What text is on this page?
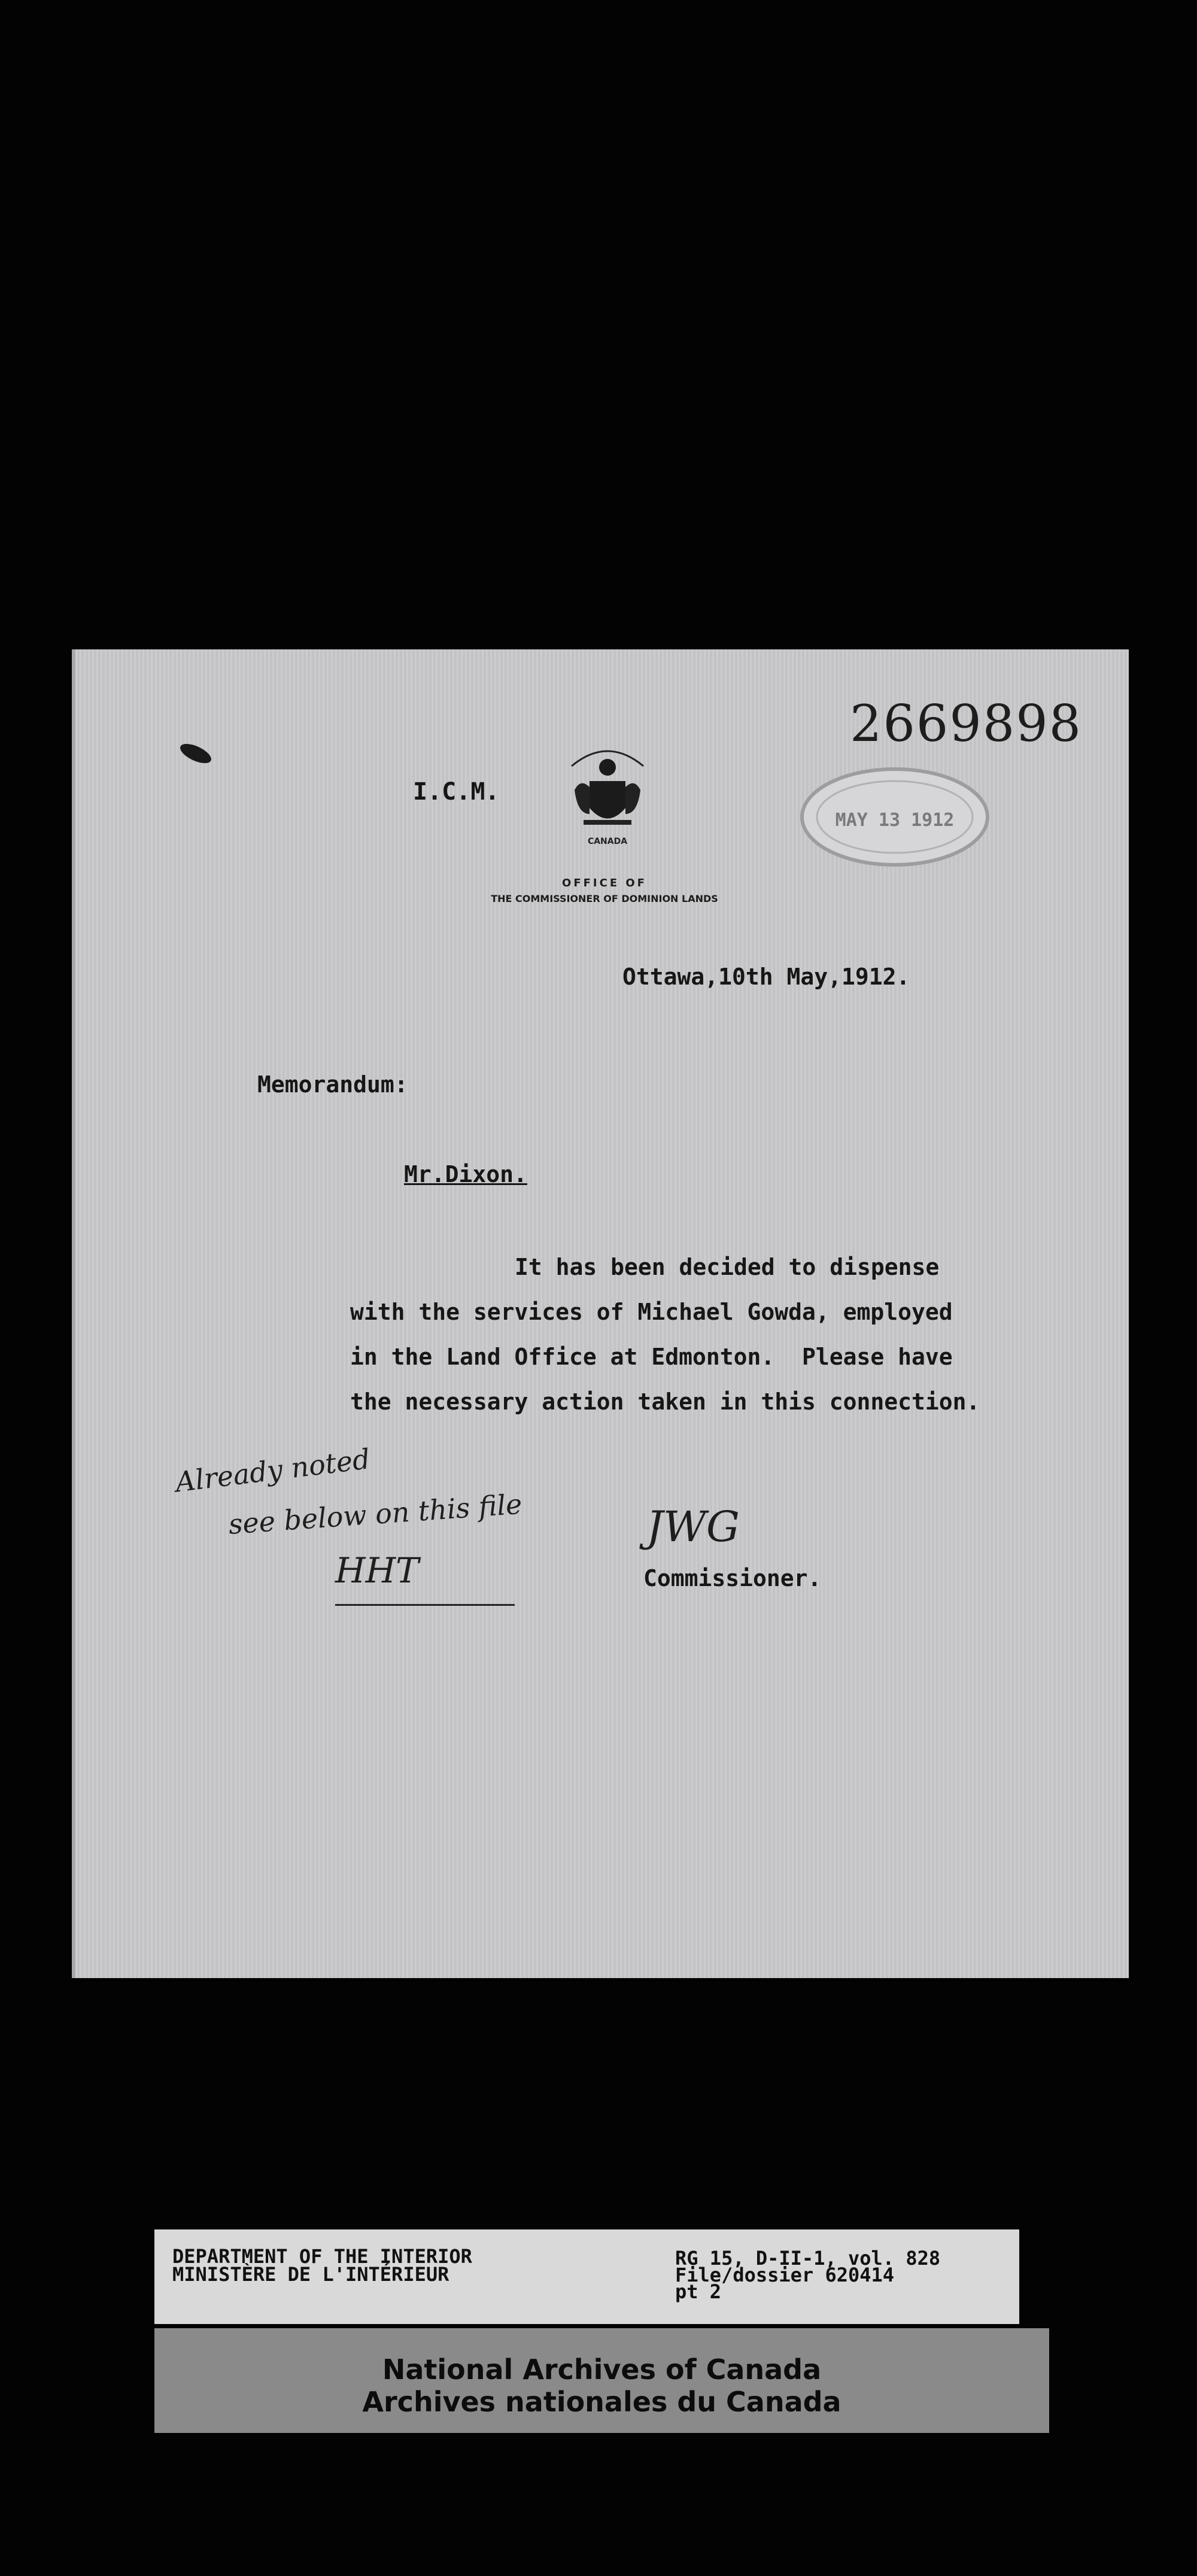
2669898
I.C.M.
CANADA
OFFICE OF
THE COMMISSIONER OF DOMINION LANDS
MAY 13 1912
Ottawa,10th May,1912.
Memorandum:
Mr.Dixon.
It has been decided to dispense
with the services of Michael Gowda, employed
in the Land Office at Edmonton.  Please have
the necessary action taken in this connection.
Already noted
see below on this file
HHT
JWG
Commissioner.
DEPARTMENT OF THE INTERIOR
MINISTÈRE DE L'INTÉRIEUR
RG 15, D-II-1, vol. 828
File/dossier 620414
pt 2
National Archives of Canada
Archives nationales du Canada
